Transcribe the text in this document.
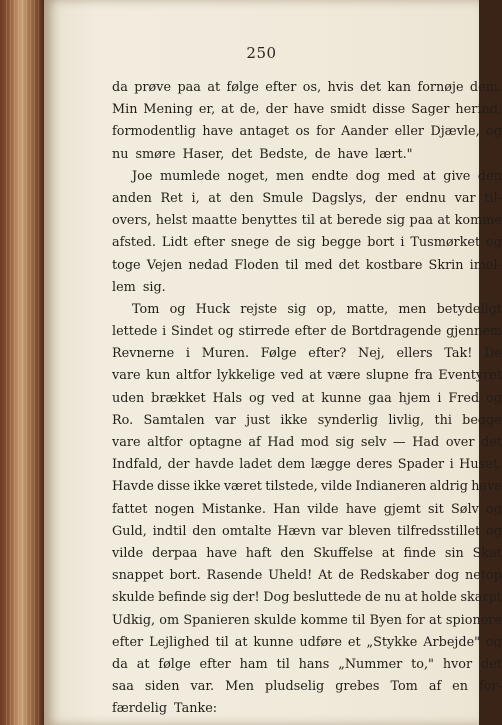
250
da prøve paa at følge efter os, hvis det kan fornøje dem.
Min Mening er, at de, der have smidt disse Sager herind,
formodentlig have antaget os for Aander eller Djævle, og
nu smøre Haser, det Bedste, de have lært."
Joe mumlede noget, men endte dog med at give den
anden Ret i, at den Smule Dagslys, der endnu var til-
overs, helst maatte benyttes til at berede sig paa at komme
afsted. Lidt efter snege de sig begge bort i Tusmørket og
toge Vejen nedad Floden til med det kostbare Skrin imel-
lem sig.
Tom og Huck rejste sig op, matte, men betydeligt
lettede i Sindet og stirrede efter de Bortdragende gjennem
Revnerne i Muren. Følge efter? Nej, ellers Tak! De
vare kun altfor lykkelige ved at være slupne fra Eventyret
uden brækket Hals og ved at kunne gaa hjem i Fred og
Ro. Samtalen var just ikke synderlig livlig, thi begge
vare altfor optagne af Had mod sig selv — Had over det
Indfald, der havde ladet dem lægge deres Spader i Huset.
Havde disse ikke været tilstede, vilde Indianeren aldrig have
fattet nogen Mistanke. Han vilde have gjemt sit Sølv og
Guld, indtil den omtalte Hævn var bleven tilfredsstillet og
vilde derpaa have haft den Skuffelse at finde sin Skat
snappet bort. Rasende Uheld! At de Redskaber dog netop
skulde befinde sig der! Dog besluttede de nu at holde skarpt
Udkig, om Spanieren skulde komme til Byen for at spionere
efter Lejlighed til at kunne udføre et „Stykke Arbejde" og
da at følge efter ham til hans „Nummer to," hvor det
saa siden var. Men pludselig grebes Tom af en for-
færdelig Tanke:
